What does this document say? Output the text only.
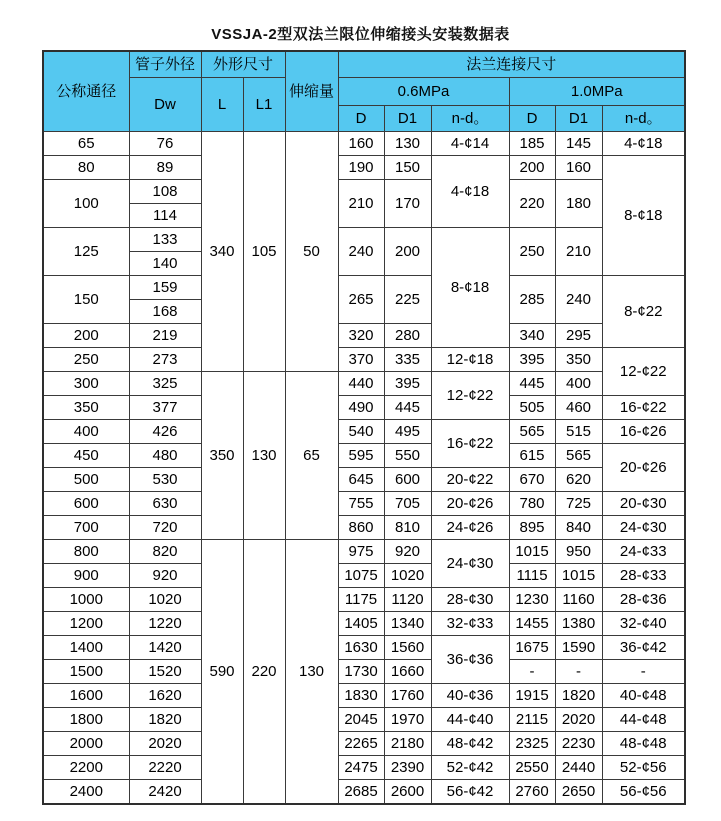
VSSJA-2型双法兰限位伸缩接头安装数据表
公称通径	管子外径	外形尺寸		伸缩量	法兰连接尺寸					
	Dw	L	L1		0.6MPa			1.0MPa		
					D	D1	n-d。	D	D1	n-d。
65	76	340	105	50	160	130	4-¢14	185	145	4-¢18
80	89				190	150	4-¢18	200	160	8-¢18
100	108				210	170		220	180	
	114									
125	133				240	200	8-¢18	250	210	
	140									
150	159				265	225		285	240	8-¢22
	168									
200	219				320	280		340	295	
250	273				370	335	12-¢18	395	350	12-¢22
300	325	350	130	65	440	395	12-¢22	445	400	
350	377				490	445		505	460	16-¢22
400	426				540	495	16-¢22	565	515	16-¢26
450	480				595	550		615	565	20-¢26
500	530				645	600	20-¢22	670	620	
600	630				755	705	20-¢26	780	725	20-¢30
700	720				860	810	24-¢26	895	840	24-¢30
800	820	590	220	130	975	920	24-¢30	1015	950	24-¢33
900	920				1075	1020		1115	1015	28-¢33
1000	1020				1175	1120	28-¢30	1230	1160	28-¢36
1200	1220				1405	1340	32-¢33	1455	1380	32-¢40
1400	1420				1630	1560	36-¢36	1675	1590	36-¢42
1500	1520				1730	1660		-	-	-
1600	1620				1830	1760	40-¢36	1915	1820	40-¢48
1800	1820				2045	1970	44-¢40	2115	2020	44-¢48
2000	2020				2265	2180	48-¢42	2325	2230	48-¢48
2200	2220				2475	2390	52-¢42	2550	2440	52-¢56
2400	2420				2685	2600	56-¢42	2760	2650	56-¢56
